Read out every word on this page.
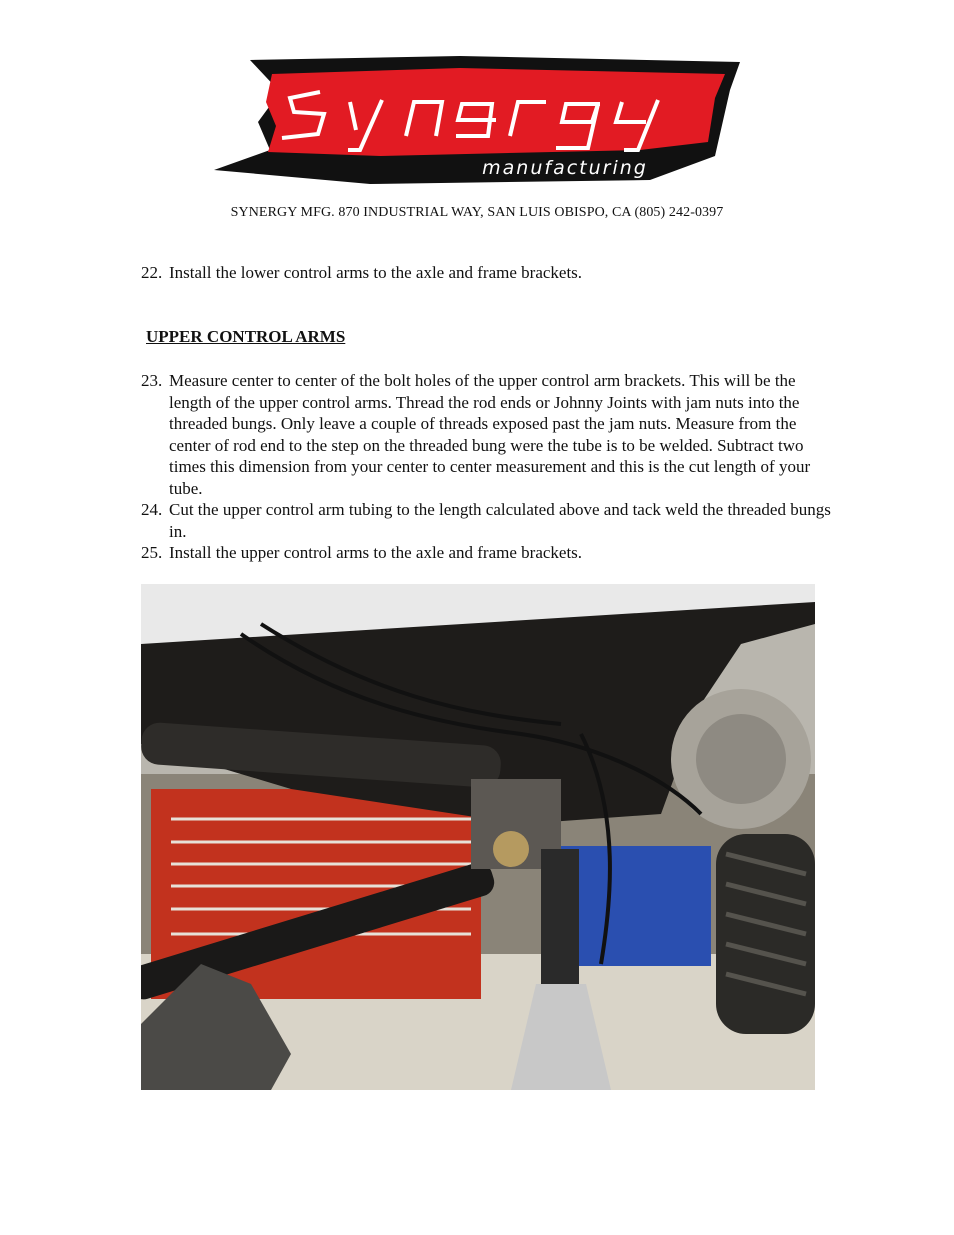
manufacturing
SYNERGY MFG. 870 INDUSTRIAL WAY, SAN LUIS OBISPO, CA (805) 242-0397
22. Install the lower control arms to the axle and frame brackets.
UPPER CONTROL ARMS
23. Measure center to center of the bolt holes of the upper control arm brackets. This will be the length of the upper control arms. Thread the rod ends or Johnny Joints with jam nuts into the threaded bungs. Only leave a couple of threads exposed past the jam nuts. Measure from the center of rod end to the step on the threaded bung were the tube is to be welded. Subtract two times this dimension from your center to center measurement and this is the cut length of your tube.
24. Cut the upper control arm tubing to the length calculated above and tack weld the threaded bungs in.
25. Install the upper control arms to the axle and frame brackets.
